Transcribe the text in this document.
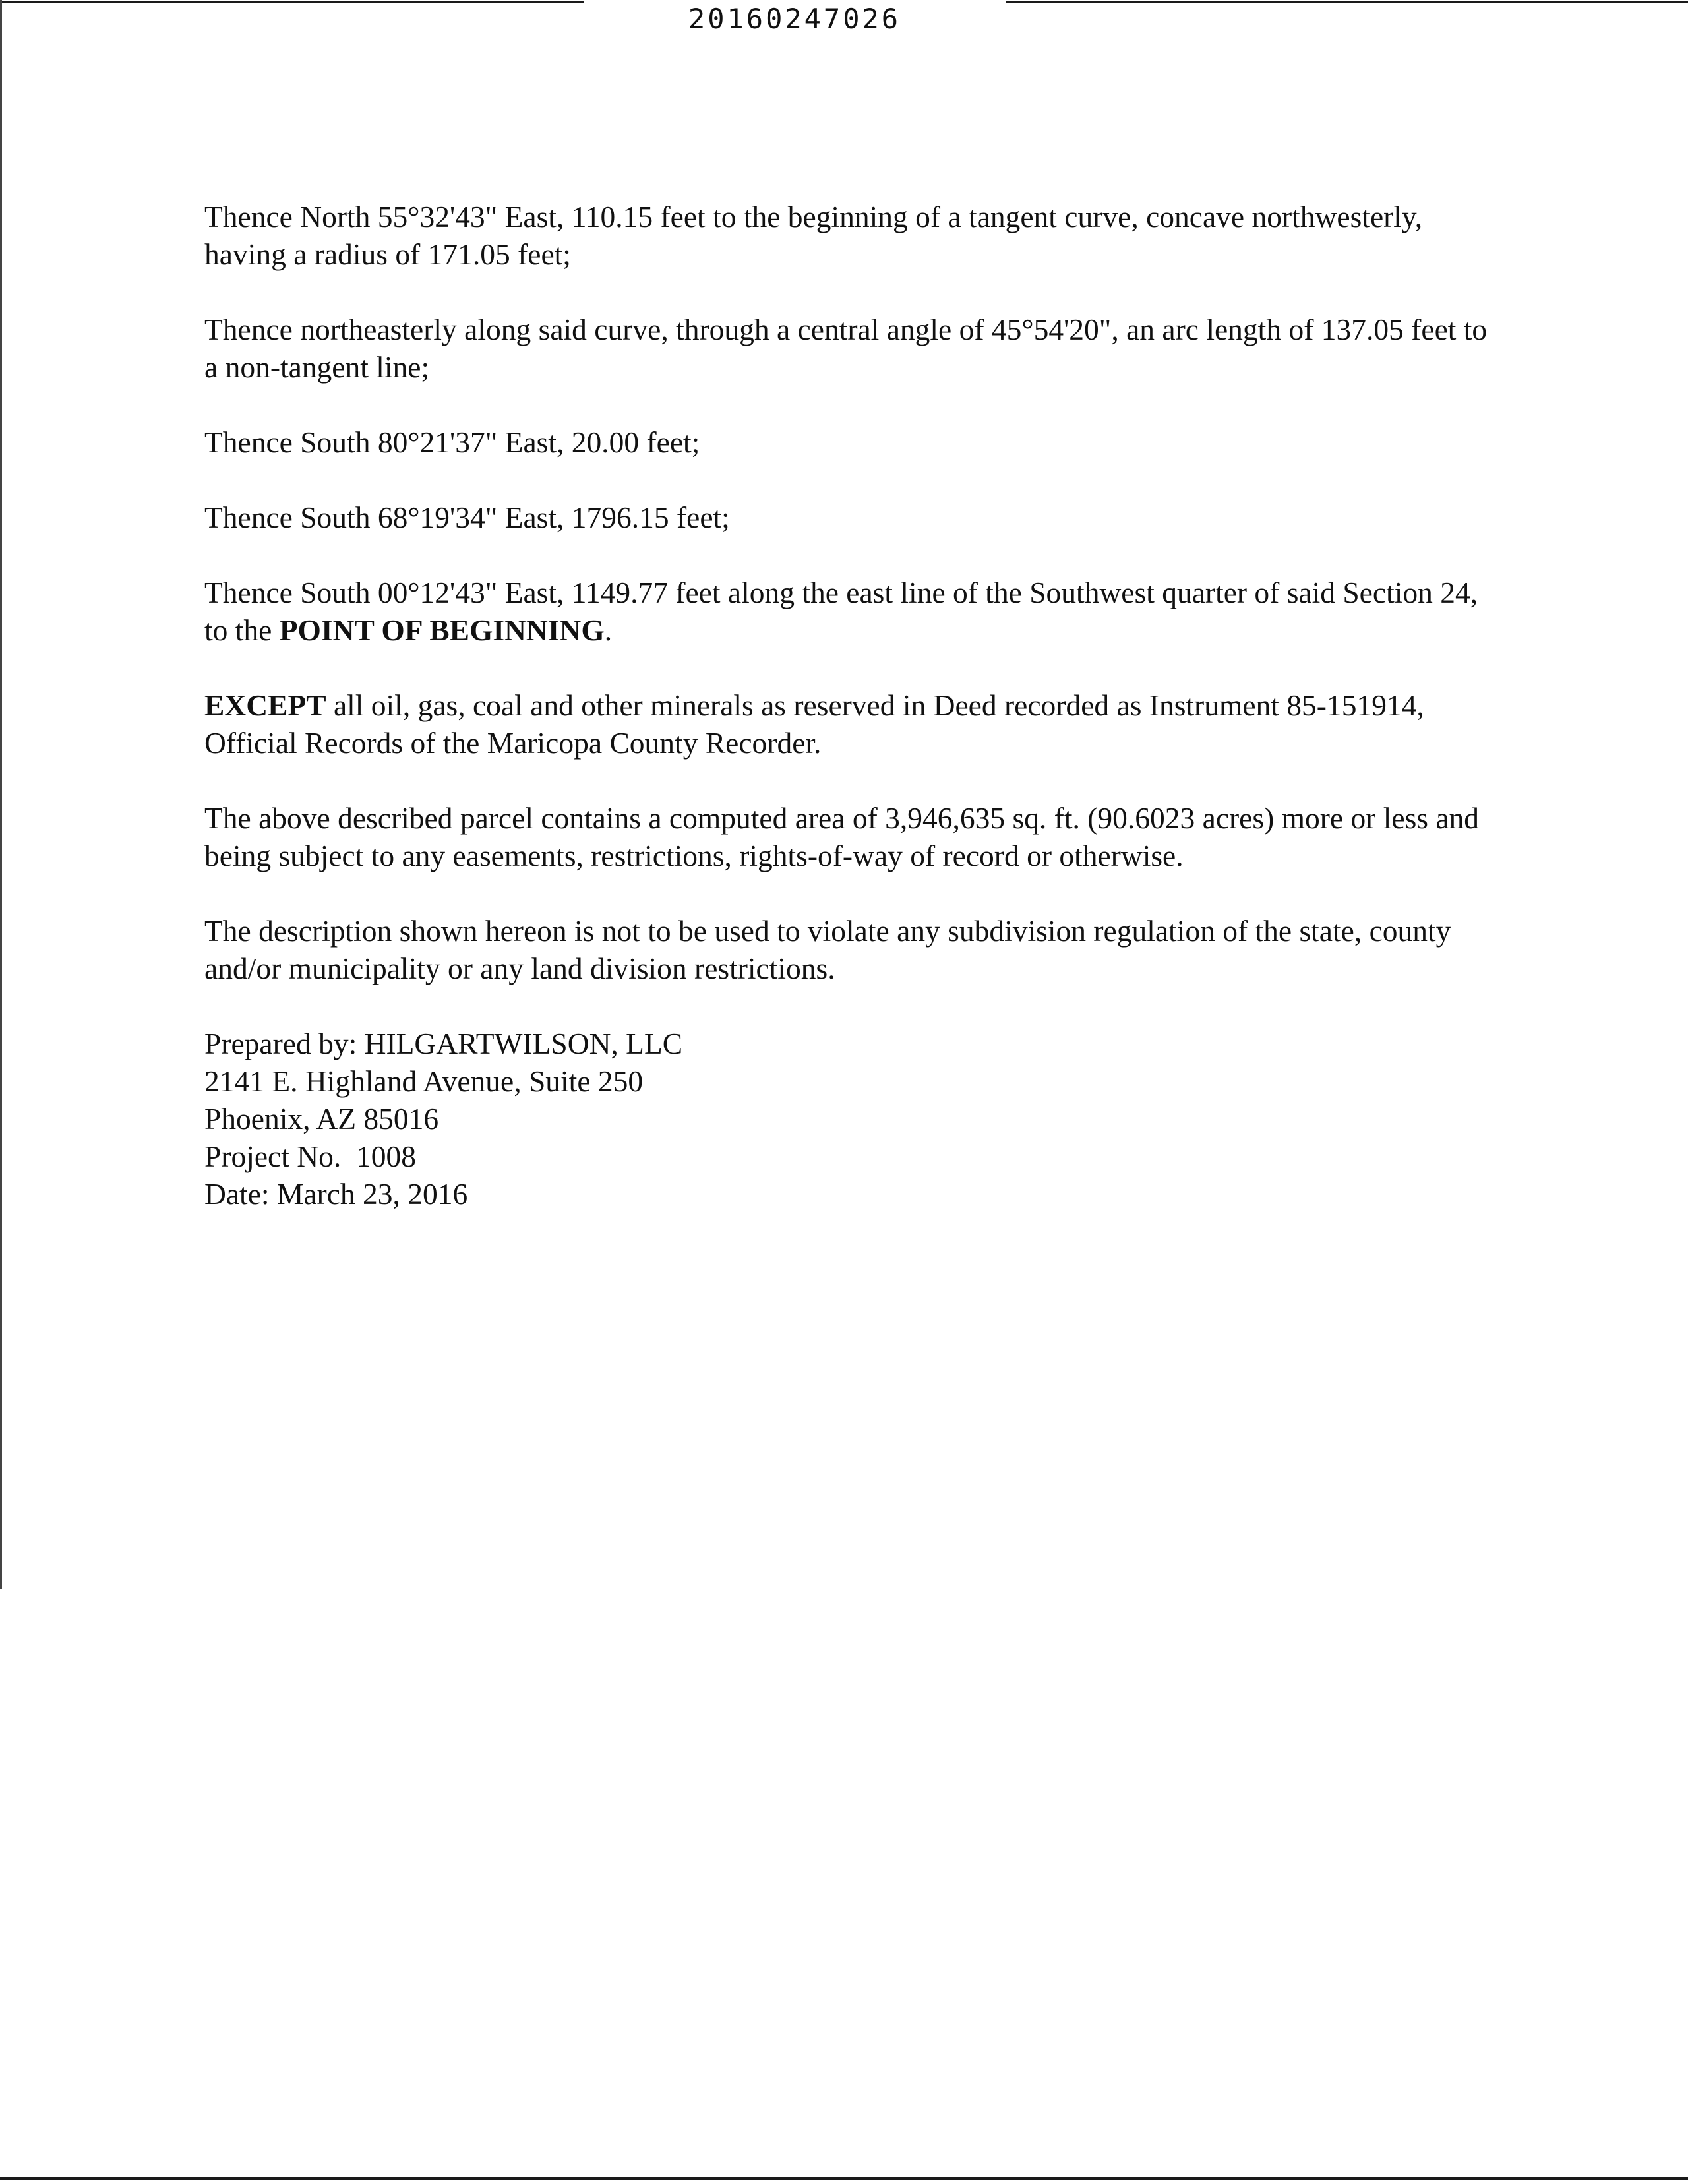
20160247026

Thence North 55°32'43" East, 110.15 feet to the beginning of a tangent curve, concave northwesterly, having a radius of 171.05 feet;

Thence northeasterly along said curve, through a central angle of 45°54'20", an arc length of 137.05 feet to a non-tangent line;

Thence South 80°21'37" East, 20.00 feet;

Thence South 68°19'34" East, 1796.15 feet;

Thence South 00°12'43" East, 1149.77 feet along the east line of the Southwest quarter of said Section 24, to the POINT OF BEGINNING.

EXCEPT all oil, gas, coal and other minerals as reserved in Deed recorded as Instrument 85-151914, Official Records of the Maricopa County Recorder.

The above described parcel contains a computed area of 3,946,635 sq. ft. (90.6023 acres) more or less and being subject to any easements, restrictions, rights-of-way of record or otherwise.

The description shown hereon is not to be used to violate any subdivision regulation of the state, county and/or municipality or any land division restrictions.

Prepared by: HILGARTWILSON, LLC
2141 E. Highland Avenue, Suite 250
Phoenix, AZ 85016
Project No.  1008
Date: March 23, 2016
